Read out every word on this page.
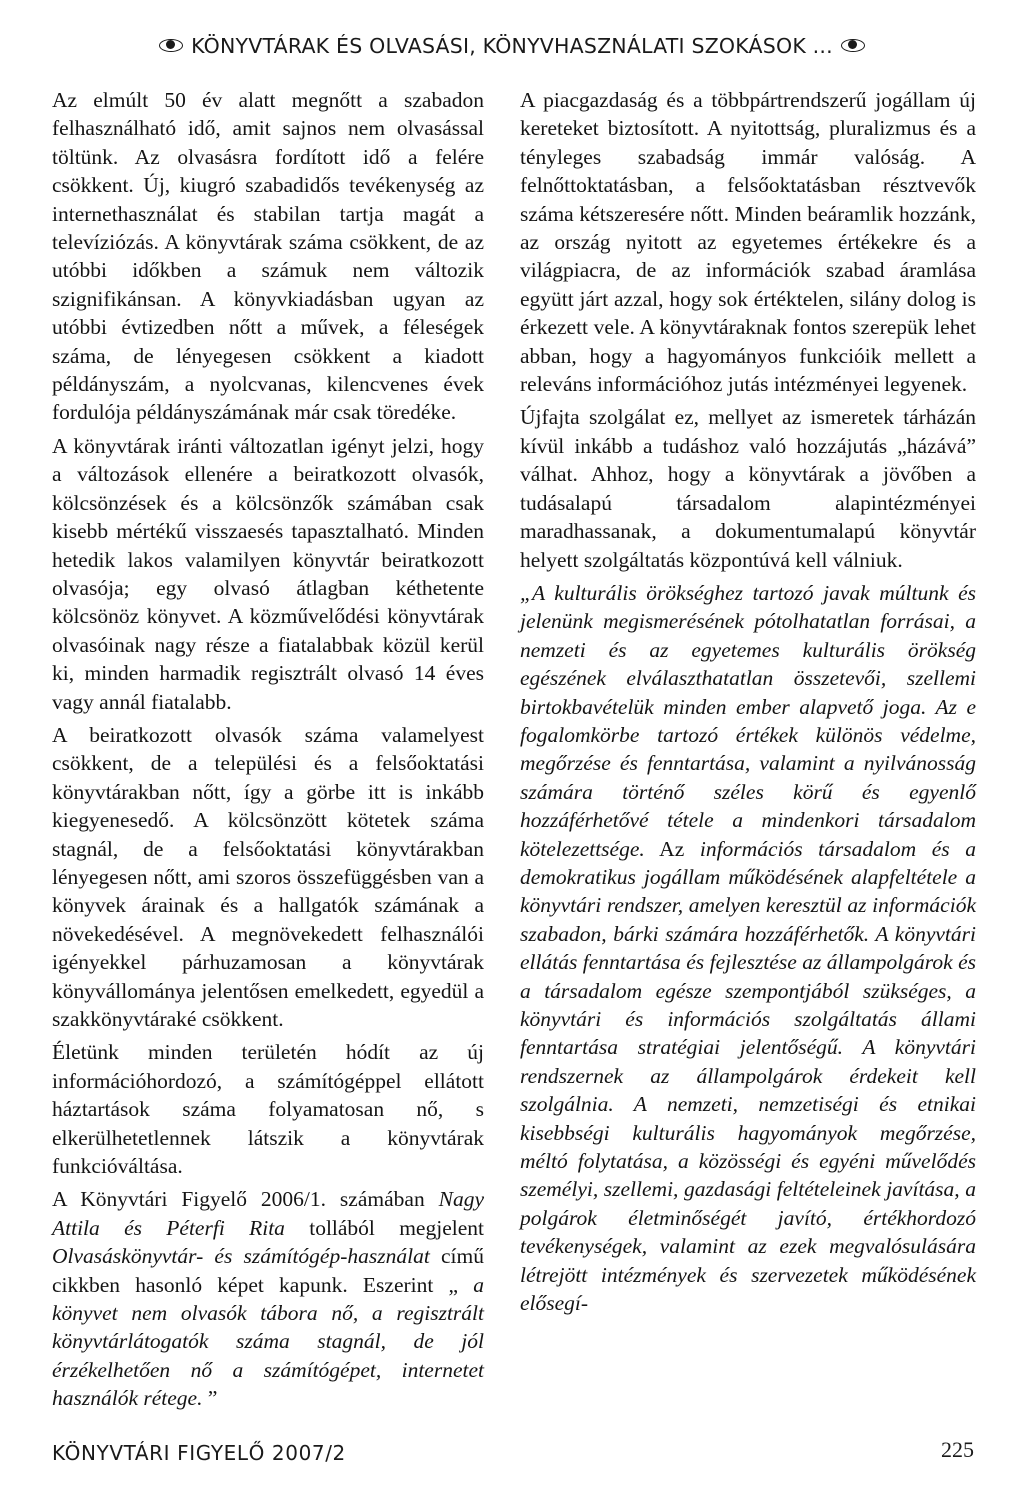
KÖNYVTÁRAK ÉS OLVASÁSI, KÖNYVHASZNÁLATI SZOKÁSOK ...

Az elmúlt 50 év alatt megnőtt a szabadon felhasználható idő, amit sajnos nem olvasással töltünk. Az olvasásra fordított idő a felére csökkent. Új, kiugró szabadidős tevékenység az internethasználat és stabilan tartja magát a televíziózás. A könyvtárak száma csökkent, de az utóbbi időkben a számuk nem változik szignifikánsan. A könyvkiadásban ugyan az utóbbi évtizedben nőtt a művek, a féleségek száma, de lényegesen csökkent a kiadott példányszám, a nyolcvanas, kilencvenes évek fordulója példányszámának már csak töredéke.

A könyvtárak iránti változatlan igényt jelzi, hogy a változások ellenére a beiratkozott olvasók, kölcsönzések és a kölcsönzők számában csak kisebb mértékű visszaesés tapasztalható. Minden hetedik lakos valamilyen könyvtár beiratkozott olvasója; egy olvasó átlagban kéthetente kölcsönöz könyvet. A közművelődési könyvtárak olvasóinak nagy része a fiatalabbak közül kerül ki, minden harmadik regisztrált olvasó 14 éves vagy annál fiatalabb.

A beiratkozott olvasók száma valamelyest csökkent, de a települési és a felsőoktatási könyvtárakban nőtt, így a görbe itt is inkább kiegyenesedő. A kölcsönzött kötetek száma stagnál, de a felsőoktatási könyvtárakban lényegesen nőtt, ami szoros összefüggésben van a könyvek árainak és a hallgatók számának a növekedésével. A megnövekedett felhasználói igényekkel párhuzamosan a könyvtárak könyvállománya jelentősen emelkedett, egyedül a szakkönyvtáraké csökkent.

Életünk minden területén hódít az új információhordozó, a számítógéppel ellátott háztartások száma folyamatosan nő, s elkerülhetetlennek látszik a könyvtárak funkcióváltása.

A Könyvtári Figyelő 2006/1. számában Nagy Attila és Péterfi Rita tollából megjelent Olvasáskönyvtár- és számítógép-használat című cikkben hasonló képet kapunk. Eszerint „ a könyvet nem olvasók tábora nő, a regisztrált könyvtárlátogatók száma stagnál, de jól érzékelhetően nő a számítógépet, internetet használók rétege. ”

A piacgazdaság és a többpártrendszerű jogállam új kereteket biztosított. A nyitottság, pluralizmus és a tényleges szabadság immár valóság. A felnőttoktatásban, a felsőoktatásban résztvevők száma kétszeresére nőtt. Minden beáramlik hozzánk, az ország nyitott az egyetemes értékekre és a világpiacra, de az információk szabad áramlása együtt járt azzal, hogy sok értéktelen, silány dolog is érkezett vele. A könyvtáraknak fontos szerepük lehet abban, hogy a hagyományos funkcióik mellett a releváns információhoz jutás intézményei legyenek.

Újfajta szolgálat ez, mellyet az ismeretek tárházán kívül inkább a tudáshoz való hozzájutás „házává” válhat. Ahhoz, hogy a könyvtárak a jövőben a tudásalapú társadalom alapintézményei maradhassanak, a dokumentumalapú könyvtár helyett szolgáltatás központúvá kell válniuk.

„A kulturális örökséghez tartozó javak múltunk és jelenünk megismerésének pótolhatatlan forrásai, a nemzeti és az egyetemes kulturális örökség egészének elválaszthatatlan összetevői, szellemi birtokbavételük minden ember alapvető joga. Az e fogalomkörbe tartozó értékek különös védelme, megőrzése és fenntartása, valamint a nyilvánosság számára történő széles körű és egyenlő hozzáférhetővé tétele a mindenkori társadalom kötelezettsége. Az információs társadalom és a demokratikus jogállam működésének alapfeltétele a könyvtári rendszer, amelyen keresztül az információk szabadon, bárki számára hozzáférhetők. A könyvtári ellátás fenntartása és fejlesztése az állampolgárok és a társadalom egésze szempontjából szükséges, a könyvtári és információs szolgáltatás állami fenntartása stratégiai jelentőségű. A könyvtári rendszernek az állampolgárok érdekeit kell szolgálnia. A nemzeti, nemzetiségi és etnikai kisebbségi kulturális hagyományok megőrzése, méltó folytatása, a közösségi és egyéni művelődés személyi, szellemi, gazdasági feltételeinek javítása, a polgárok életminőségét javító, értékhordozó tevékenységek, valamint az ezek megvalósulására létrejött intézmények és szervezetek működésének elősegí-

KÖNYVTÁRI FIGYELŐ 2007/2	225
